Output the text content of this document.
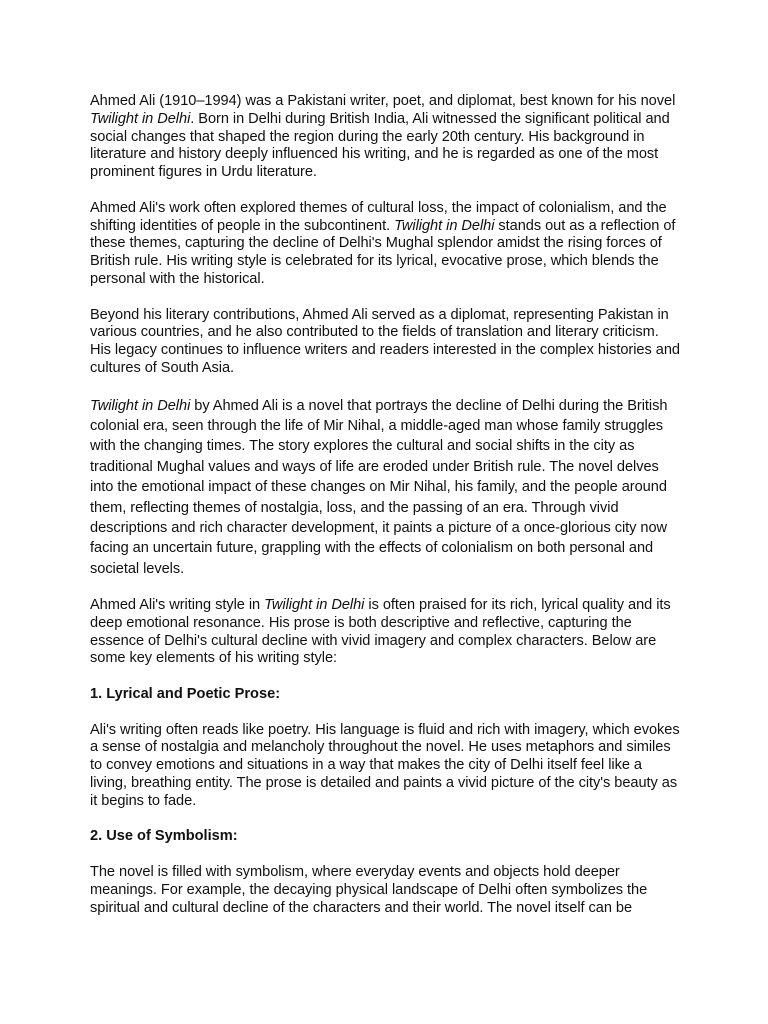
Ahmed Ali (1910–1994) was a Pakistani writer, poet, and diplomat, best known for his novel Twilight in Delhi. Born in Delhi during British India, Ali witnessed the significant political and social changes that shaped the region during the early 20th century. His background in literature and history deeply influenced his writing, and he is regarded as one of the most prominent figures in Urdu literature.

Ahmed Ali's work often explored themes of cultural loss, the impact of colonialism, and the shifting identities of people in the subcontinent. Twilight in Delhi stands out as a reflection of these themes, capturing the decline of Delhi's Mughal splendor amidst the rising forces of British rule. His writing style is celebrated for its lyrical, evocative prose, which blends the personal with the historical.

Beyond his literary contributions, Ahmed Ali served as a diplomat, representing Pakistan in various countries, and he also contributed to the fields of translation and literary criticism. His legacy continues to influence writers and readers interested in the complex histories and cultures of South Asia.

Twilight in Delhi by Ahmed Ali is a novel that portrays the decline of Delhi during the British colonial era, seen through the life of Mir Nihal, a middle-aged man whose family struggles with the changing times. The story explores the cultural and social shifts in the city as traditional Mughal values and ways of life are eroded under British rule. The novel delves into the emotional impact of these changes on Mir Nihal, his family, and the people around them, reflecting themes of nostalgia, loss, and the passing of an era. Through vivid descriptions and rich character development, it paints a picture of a once-glorious city now facing an uncertain future, grappling with the effects of colonialism on both personal and societal levels.

Ahmed Ali's writing style in Twilight in Delhi is often praised for its rich, lyrical quality and its deep emotional resonance. His prose is both descriptive and reflective, capturing the essence of Delhi's cultural decline with vivid imagery and complex characters. Below are some key elements of his writing style:

1. Lyrical and Poetic Prose:

Ali's writing often reads like poetry. His language is fluid and rich with imagery, which evokes a sense of nostalgia and melancholy throughout the novel. He uses metaphors and similes to convey emotions and situations in a way that makes the city of Delhi itself feel like a living, breathing entity. The prose is detailed and paints a vivid picture of the city's beauty as it begins to fade.

2. Use of Symbolism:

The novel is filled with symbolism, where everyday events and objects hold deeper meanings. For example, the decaying physical landscape of Delhi often symbolizes the spiritual and cultural decline of the characters and their world. The novel itself can be
